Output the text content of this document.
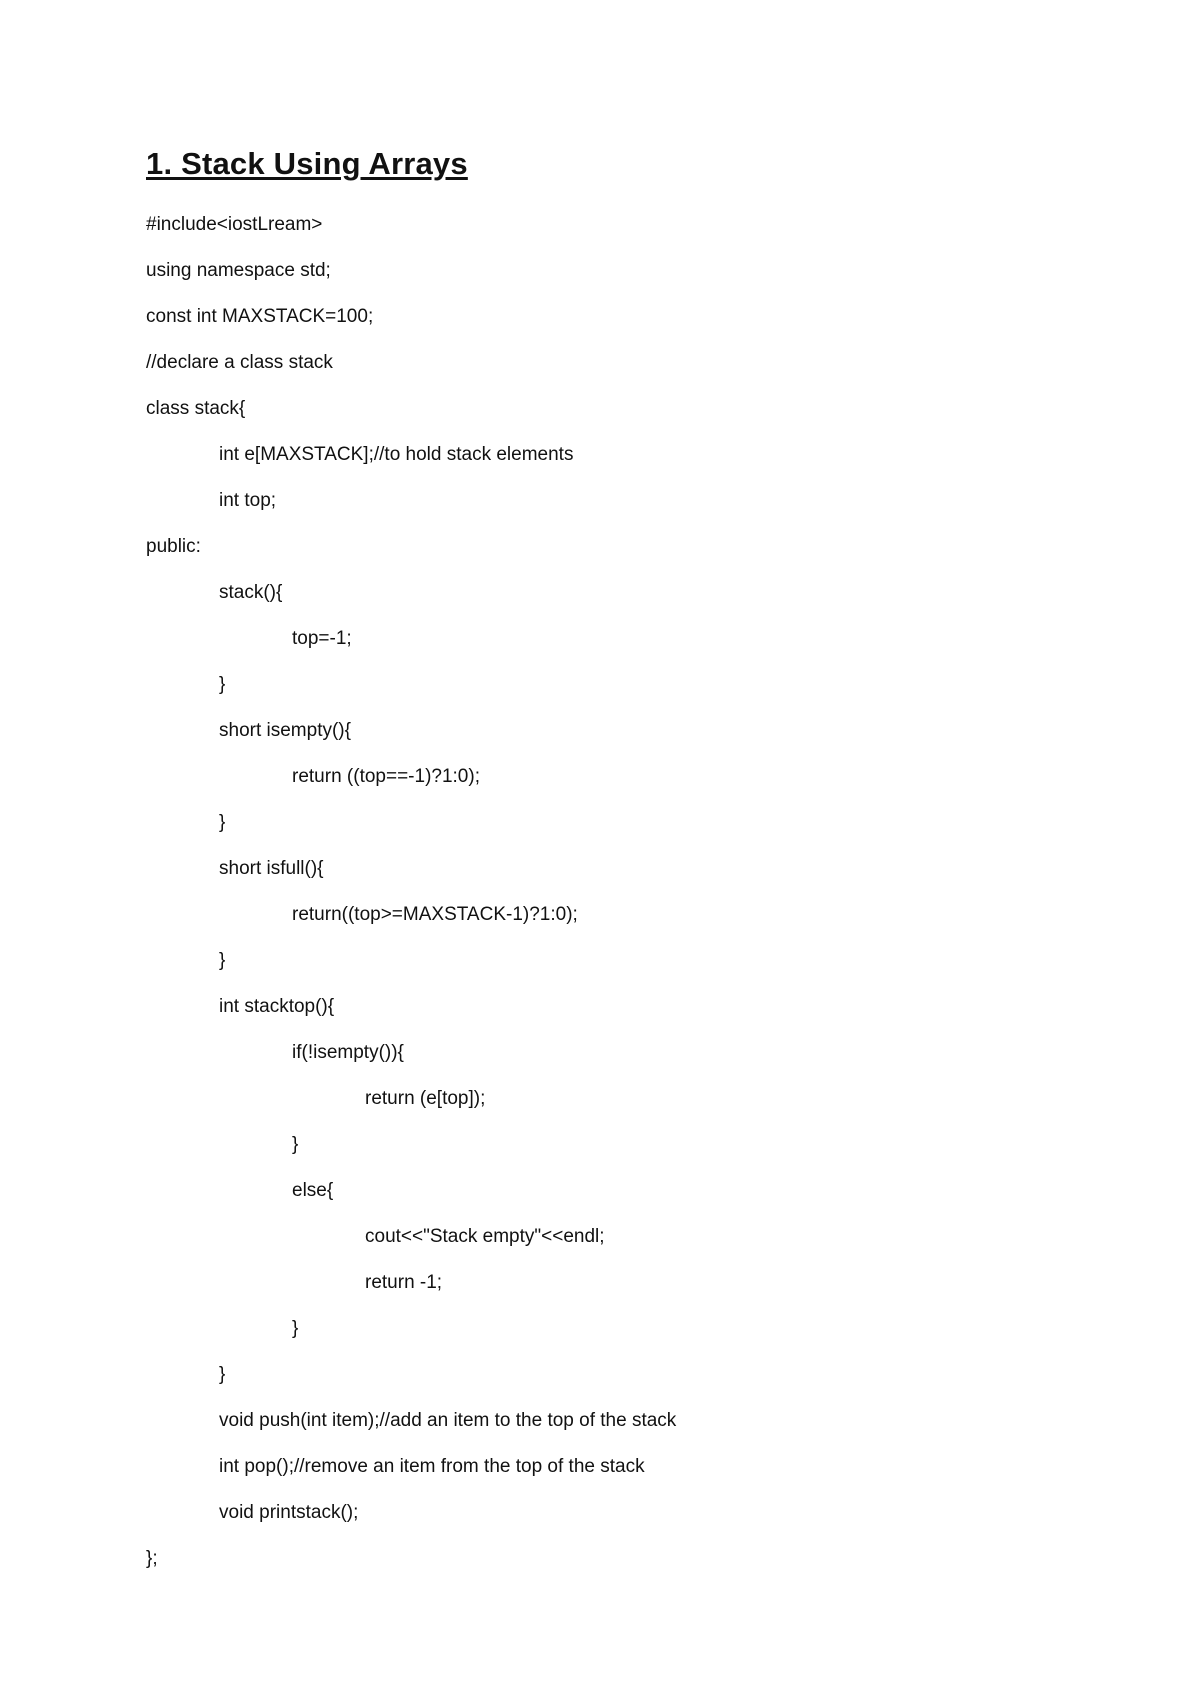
1. Stack Using Arrays
#include<iostLream>
using namespace std;
const int MAXSTACK=100;
//declare a class stack
class stack{
int e[MAXSTACK];//to hold stack elements
int top;
public:
stack(){
top=-1;
}
short isempty(){
return ((top==-1)?1:0);
}
short isfull(){
return((top>=MAXSTACK-1)?1:0);
}
int stacktop(){
if(!isempty()){
return (e[top]);
}
else{
cout<<"Stack empty"<<endl;
return -1;
}
}
void push(int item);//add an item to the top of the stack
int pop();//remove an item from the top of the stack
void printstack();
};
